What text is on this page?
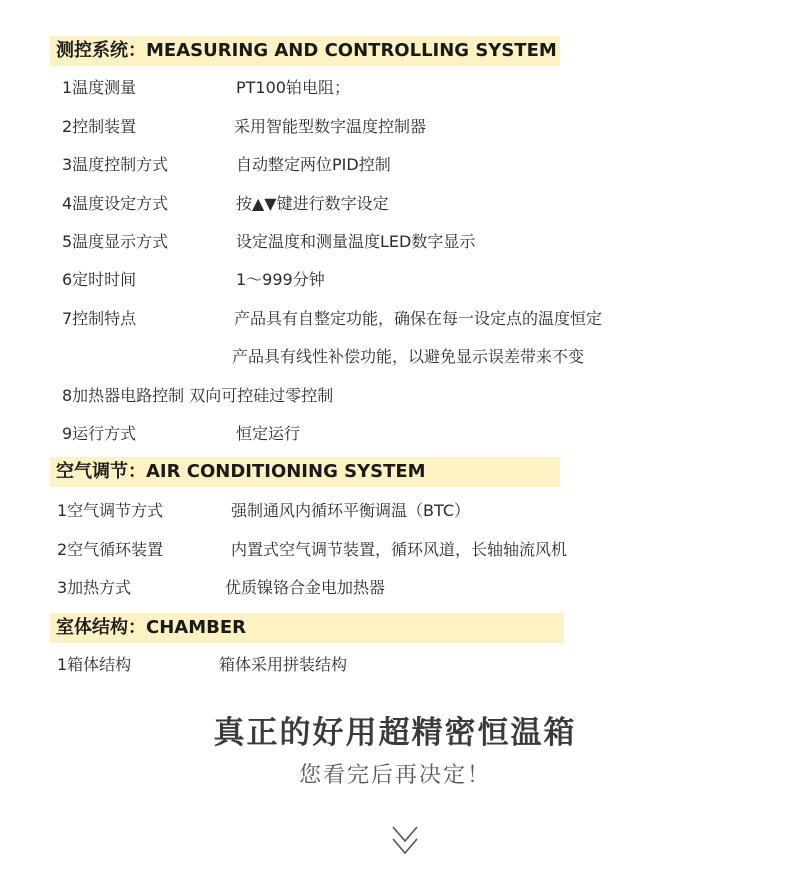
测控系统：MEASURING AND CONTROLLING SYSTEM
1温度测量	PT100铂电阻；
2控制装置	采用智能型数字温度控制器
3温度控制方式	自动整定两位PID控制
4温度设定方式	按▲▼键进行数字设定
5温度显示方式	设定温度和测量温度LED数字显示
6定时时间	1～999分钟
7控制特点	产品具有自整定功能，确保在每一设定点的温度恒定
产品具有线性补偿功能，以避免显示误差带来不变
8加热器电路控制 双向可控硅过零控制
9运行方式	恒定运行
空气调节：AIR CONDITIONING SYSTEM
1空气调节方式	强制通风内循环平衡调温（BTC）
2空气循环装置	内置式空气调节装置，循环风道，长轴轴流风机
3加热方式	优质镍铬合金电加热器
室体结构：CHAMBER
1箱体结构	箱体采用拼装结构
真正的好用超精密恒温箱
您看完后再决定！
